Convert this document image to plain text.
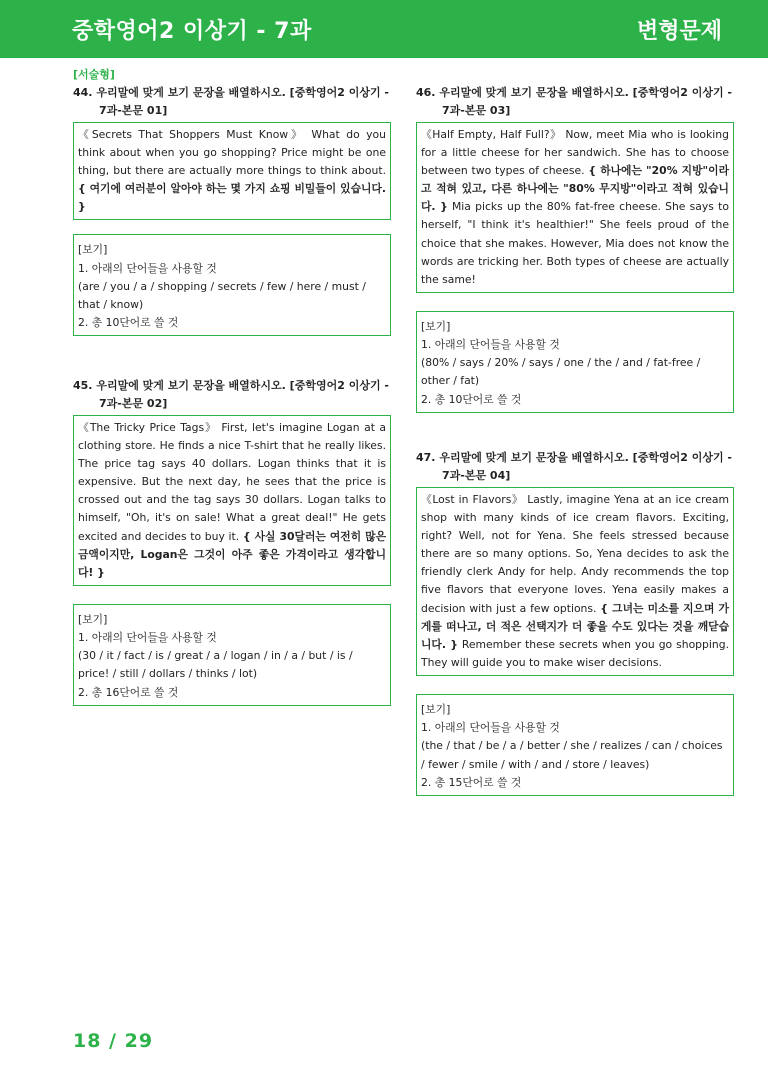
중학영어2 이상기 - 7과	변형문제
[서술형]
44. 우리말에 맞게 보기 문장을 배열하시오. [중학영어2 이상기 -
7과-본문 01]
《Secrets That Shoppers Must Know》 What do you think about when you go shopping? Price might be one thing, but there are actually more things to think about. { 여기에 여러분이 알아야 하는 몇 가지 쇼핑 비밀들이 있습니다. }
[보기]
1. 아래의 단어들을 사용할 것
(are / you / a / shopping / secrets / few / here / must / that / know)
2. 총 10단어로 쓸 것
45. 우리말에 맞게 보기 문장을 배열하시오. [중학영어2 이상기 -
7과-본문 02]
《The Tricky Price Tags》 First, let's imagine Logan at a clothing store. He finds a nice T-shirt that he really likes. The price tag says 40 dollars. Logan thinks that it is expensive. But the next day, he sees that the price is crossed out and the tag says 30 dollars. Logan talks to himself, "Oh, it's on sale! What a great deal!" He gets excited and decides to buy it. { 사실 30달러는 여전히 많은 금액이지만, Logan은 그것이 아주 좋은 가격이라고 생각합니다! }
[보기]
1. 아래의 단어들을 사용할 것
(30 / it / fact / is / great / a / logan / in / a / but / is / price! / still / dollars / thinks / lot)
2. 총 16단어로 쓸 것
46. 우리말에 맞게 보기 문장을 배열하시오. [중학영어2 이상기 -
7과-본문 03]
《Half Empty, Half Full?》 Now, meet Mia who is looking for a little cheese for her sandwich. She has to choose between two types of cheese. { 하나에는 "20% 지방"이라고 적혀 있고, 다른 하나에는 "80% 무지방"이라고 적혀 있습니다. } Mia picks up the 80% fat-free cheese. She says to herself, "I think it's healthier!" She feels proud of the choice that she makes. However, Mia does not know the words are tricking her. Both types of cheese are actually the same!
[보기]
1. 아래의 단어들을 사용할 것
(80% / says / 20% / says / one / the / and / fat-free / other / fat)
2. 총 10단어로 쓸 것
47. 우리말에 맞게 보기 문장을 배열하시오. [중학영어2 이상기 -
7과-본문 04]
《Lost in Flavors》 Lastly, imagine Yena at an ice cream shop with many kinds of ice cream flavors. Exciting, right? Well, not for Yena. She feels stressed because there are so many options. So, Yena decides to ask the friendly clerk Andy for help. Andy recommends the top five flavors that everyone loves. Yena easily makes a decision with just a few options. { 그녀는 미소를 지으며 가게를 떠나고, 더 적은 선택지가 더 좋을 수도 있다는 것을 깨닫습니다. } Remember these secrets when you go shopping. They will guide you to make wiser decisions.
[보기]
1. 아래의 단어들을 사용할 것
(the / that / be / a / better / she / realizes / can / choices / fewer / smile / with / and / store / leaves)
2. 총 15단어로 쓸 것
18 / 29
